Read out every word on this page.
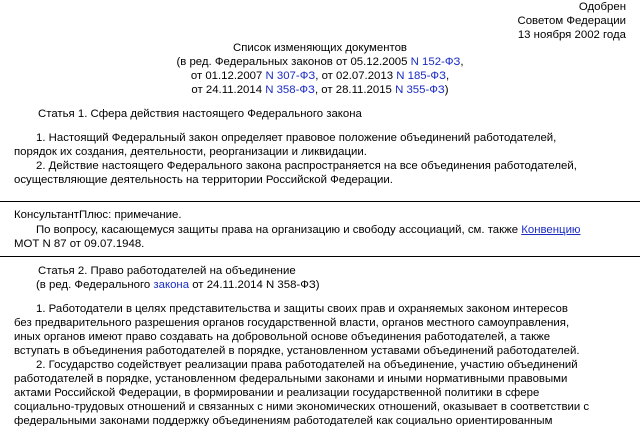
Одобрен
Советом Федерации
13 ноября 2002 года
Список изменяющих документов
(в ред. Федеральных законов от 05.12.2005 N 152-ФЗ,
от 01.12.2007 N 307-ФЗ, от 02.07.2013 N 185-ФЗ,
от 24.11.2014 N 358-ФЗ, от 28.11.2015 N 355-ФЗ)
Статья 1. Сфера действия настоящего Федерального закона
1. Настоящий Федеральный закон определяет правовое положение объединений работодателей,
порядок их создания, деятельности, реорганизации и ликвидации.
2. Действие настоящего Федерального закона распространяется на все объединения работодателей,
осуществляющие деятельность на территории Российской Федерации.
КонсультантПлюс: примечание.
По вопросу, касающемуся защиты права на организацию и свободу ассоциаций, см. также Конвенцию
МОТ N 87 от 09.07.1948.
Статья 2. Право работодателей на объединение
(в ред. Федерального закона от 24.11.2014 N 358-ФЗ)
1. Работодатели в целях представительства и защиты своих прав и охраняемых законом интересов
без предварительного разрешения органов государственной власти, органов местного самоуправления,
иных органов имеют право создавать на добровольной основе объединения работодателей, а также
вступать в объединения работодателей в порядке, установленном уставами объединений работодателей.
2. Государство содействует реализации права работодателей на объединение, участию объединений
работодателей в порядке, установленном федеральными законами и иными нормативными правовыми
актами Российской Федерации, в формировании и реализации государственной политики в сфере
социально-трудовых отношений и связанных с ними экономических отношений, оказывает в соответствии с
федеральными законами поддержку объединениям работодателей как социально ориентированным
